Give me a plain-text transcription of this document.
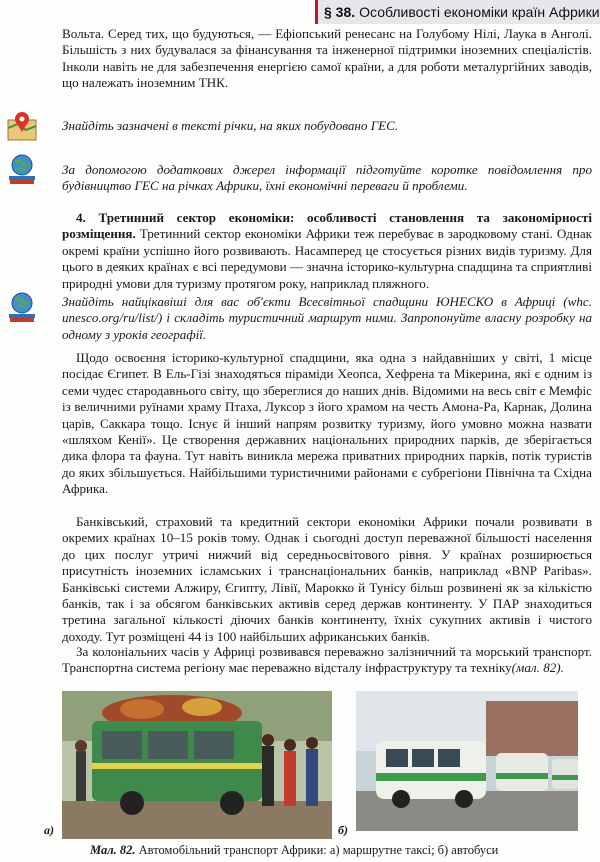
§ 38. Особливості економіки країн Африки

Вольта. Серед тих, що будуються, — Ефіопський ренесанс на Голубому Нілі, Лаука в Анголі. Більшість з них будувалася за фінансування та інженерної підтримки іноземних спеціалістів. Інколи навіть не для забезпечення енергією самої країни, а для роботи металургійних заводів, що належать іноземним ТНК.

Знайдіть зазначені в тексті річки, на яких побудовано ГЕС.

За допомогою додаткових джерел інформації підготуйте коротке повідомлення про будівництво ГЕС на річках Африки, їхні економічні переваги й проблеми.

4. Третинний сектор економіки: особливості становлення та закономірності розміщення. Третинний сектор економіки Африки теж перебуває в зародковому стані. Однак окремі країни успішно його розвивають. Насамперед це стосується різних видів туризму. Для цього в деяких країнах є всі передумови — значна історико-культурна спадщина та сприятливі природні умови для туризму протягом року, наприклад пляжного.

Знайдіть найцікавіші для вас об'єкти Всесвітньої спадщини ЮНЕСКО в Африці (whc. unesco.org/ru/list/) і складіть туристичний маршрут ними. Запропонуйте власну розробку на одному з уроків географії.

Щодо освоєння історико-культурної спадщини, яка одна з найдавніших у світі, 1 місце посідає Єгипет. В Ель-Гізі знаходяться піраміди Хеопса, Хефрена та Мікерина, які є одним із семи чудес стародавнього світу, що збереглися до наших днів. Відомими на весь світ є Мемфіс із величними руїнами храму Птаха, Луксор з його храмом на честь Амона-Ра, Карнак, Долина царів, Саккара тощо. Існує й інший напрям розвитку туризму, його умовно можна назвати «шляхом Кенії». Це створення державних національних природних парків, де зберігається дика флора та фауна. Тут навіть виникла мережа приватних природних парків, потік туристів до яких збільшується. Найбільшими туристичними районами є субрегіони Північна та Східна Африка.

Банківський, страховий та кредитний сектори економіки Африки почали розвивати в окремих країнах 10–15 років тому. Однак і сьогодні доступ переважної більшості населення до цих послуг утричі нижчий від середньосвітового рівня. У країнах розширюється присутність іноземних ісламських і транснаціональних банків, наприклад «BNP Paribas». Банківські системи Алжиру, Єгипту, Лівії, Марокко й Тунісу більш розвинені як за кількістю банків, так і за обсягом банківських активів серед держав континенту. У ПАР знаходиться третина загальної кількості діючих банків континенту, їхніх сукупних активів і чистого доходу. Тут розміщені 44 із 100 найбільших африканських банків.

За колоніальних часів у Африці розвивався переважно залізничний та морський транспорт. Транспортна система регіону має переважно відсталу інфраструктуру та техніку(мал. 82).

а)	б)
Мал. 82. Автомобільний транспорт Африки: а) маршрутне таксі; б) автобуси
